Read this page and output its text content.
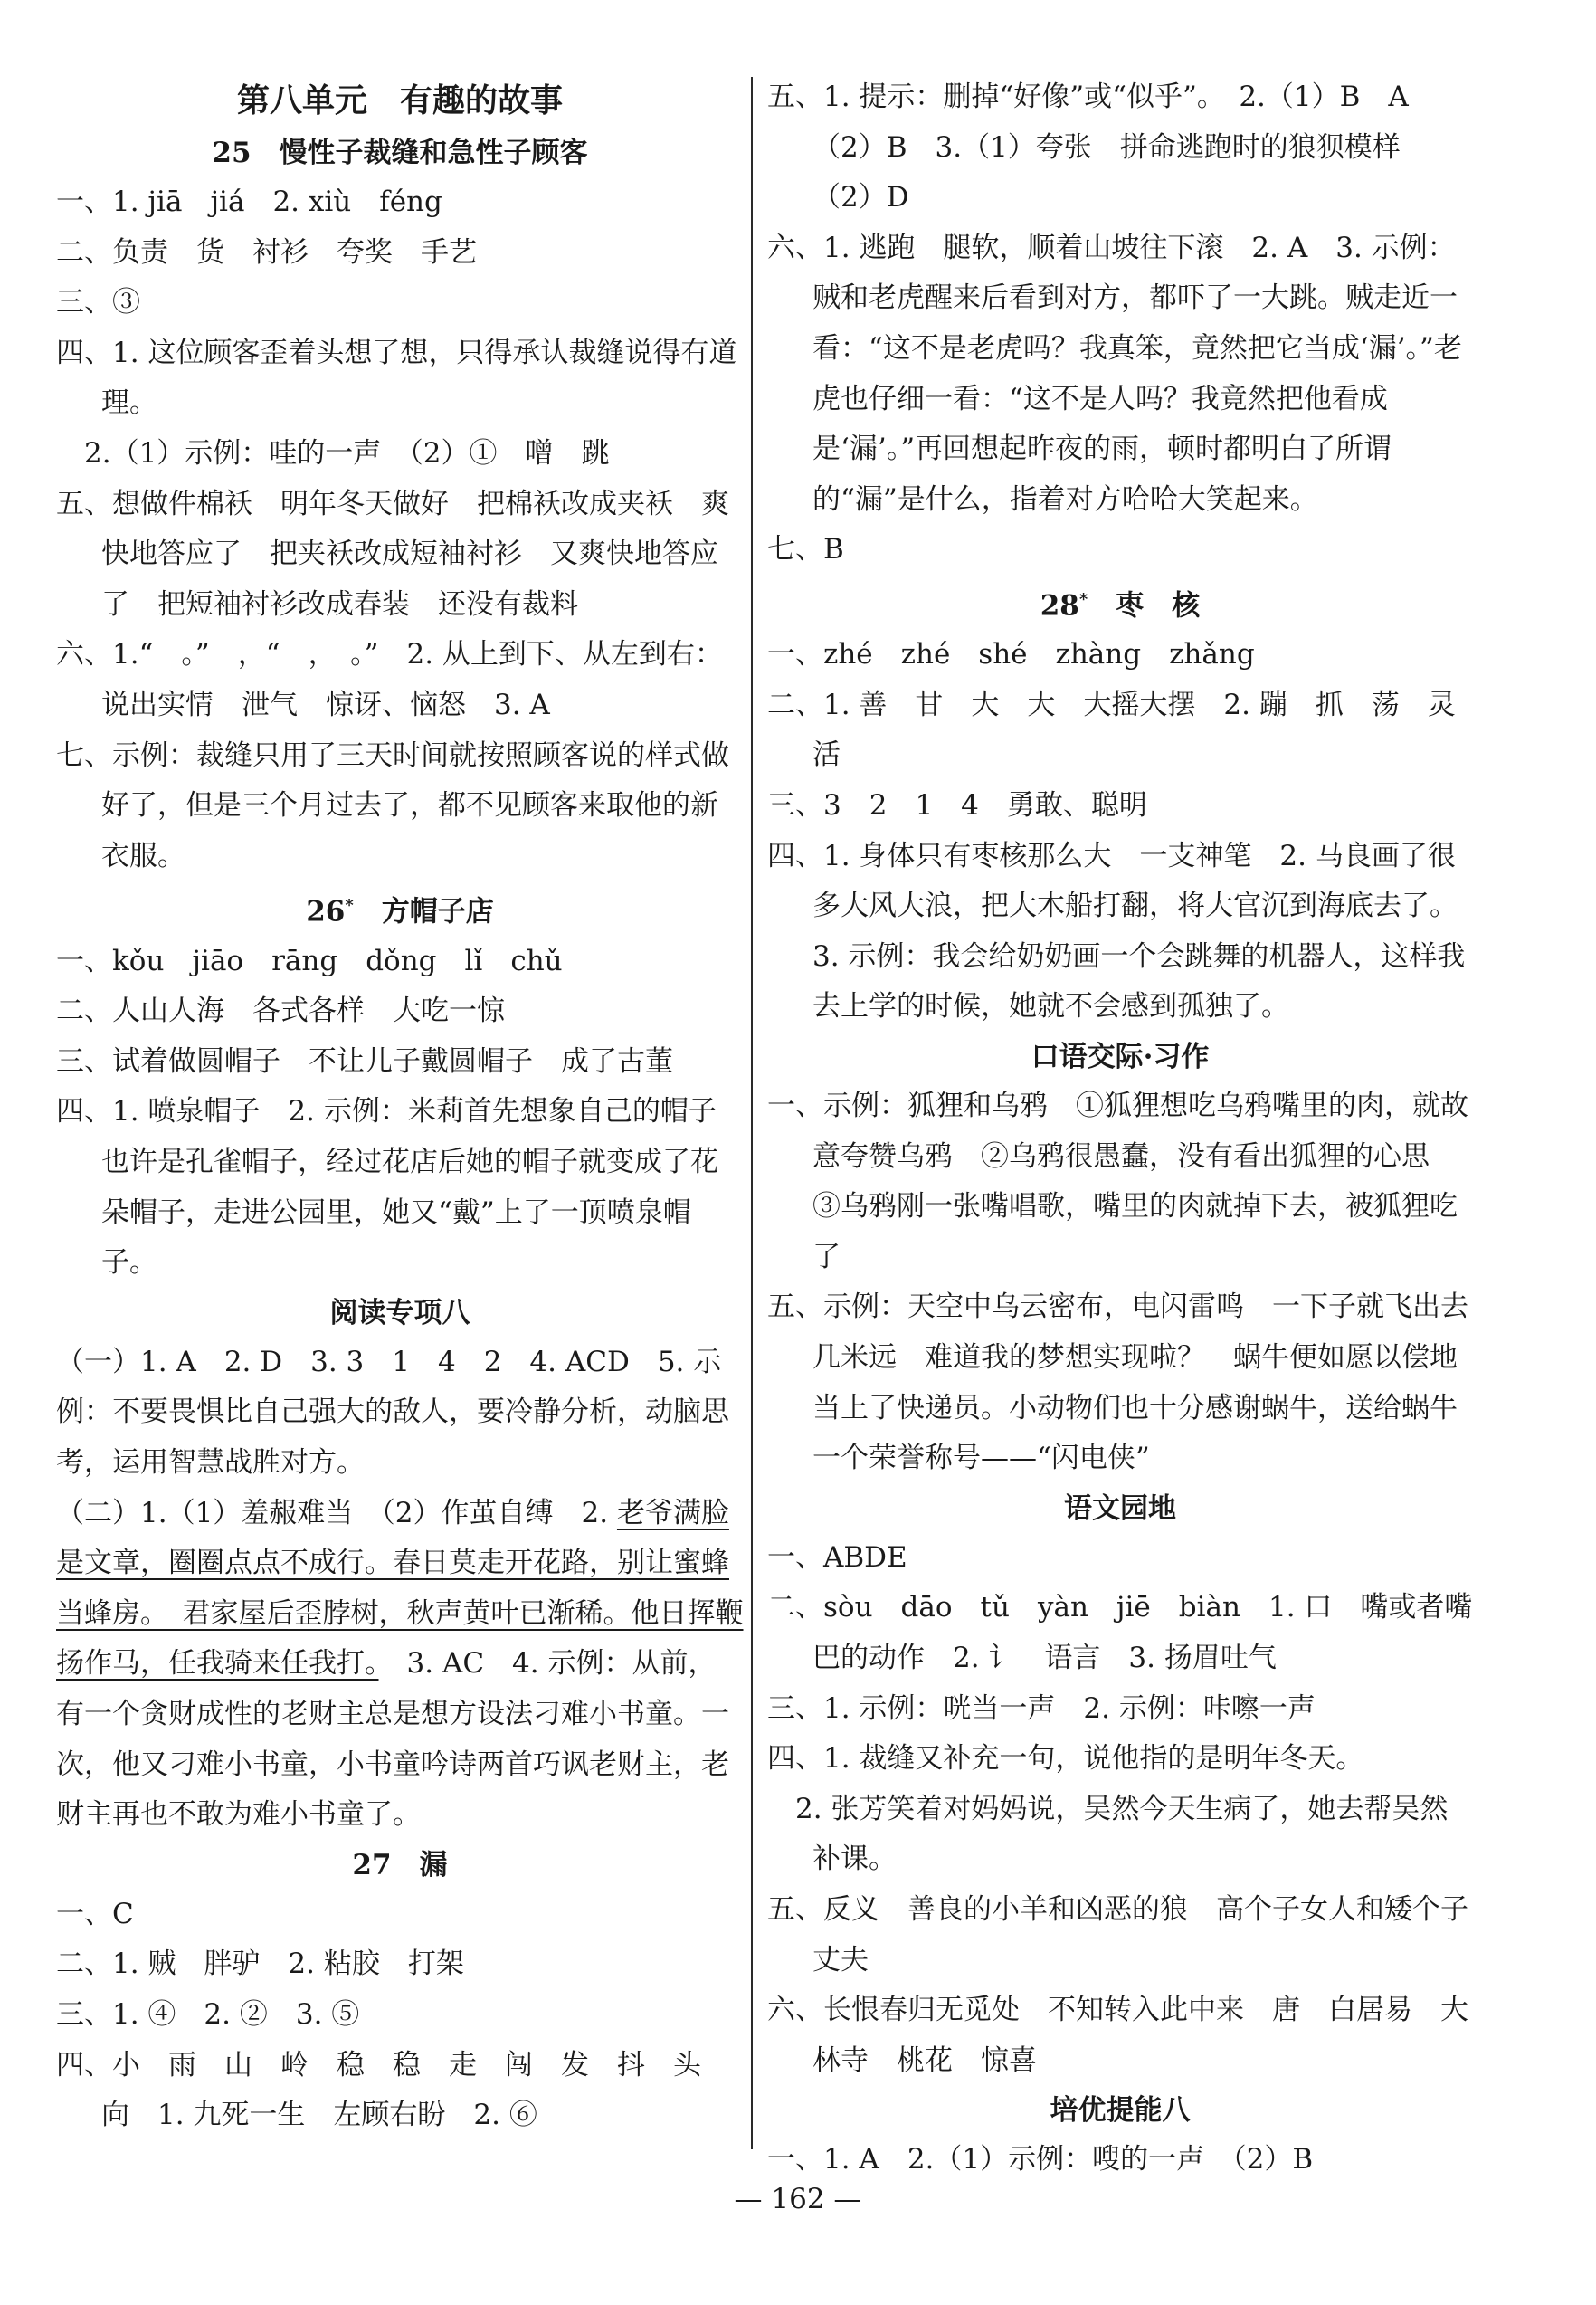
第八单元　有趣的故事
25　慢性子裁缝和急性子顾客
一、1. jiā　jiá　2. xiù　féng
二、负责　货　衬衫　夸奖　手艺
三、③
四、1. 这位顾客歪着头想了想，只得承认裁缝说得有道理。
　2.（1）示例：哇的一声　（2）①　噌　跳
五、想做件棉袄　明年冬天做好　把棉袄改成夹袄　爽快地答应了　把夹袄改成短袖衬衫　又爽快地答应了　把短袖衬衫改成春装　还没有裁料
六、1.“　。”　，“　，　。”　2. 从上到下、从左到右：说出实情　泄气　惊讶、恼怒　3. A
七、示例：裁缝只用了三天时间就按照顾客说的样式做好了，但是三个月过去了，都不见顾客来取他的新衣服。
26*　方帽子店
一、kǒu　jiāo　rāng　dǒng　lǐ　chǔ
二、人山人海　各式各样　大吃一惊
三、试着做圆帽子　不让儿子戴圆帽子　成了古董
四、1. 喷泉帽子　2. 示例：米莉首先想象自己的帽子也许是孔雀帽子，经过花店后她的帽子就变成了花朵帽子，走进公园里，她又“戴”上了一顶喷泉帽子。
阅读专项八
（一）1. A　2. D　3. 3　1　4　2　4. ACD　5. 示例：不要畏惧比自己强大的敌人，要冷静分析，动脑思考，运用智慧战胜对方。
（二）1.（1）羞赧难当　（2）作茧自缚　2. 老爷满脸是文章，圈圈点点不成行。春日莫走开花路，别让蜜蜂当蜂房。　君家屋后歪脖树，秋声黄叶已渐稀。他日挥鞭扬作马，任我骑来任我打。　3. AC　4. 示例：从前，有一个贪财成性的老财主总是想方设法刁难小书童。一次，他又刁难小书童，小书童吟诗两首巧讽老财主，老财主再也不敢为难小书童了。
27　漏
一、C
二、1. 贼　胖驴　2. 粘胶　打架
三、1. ④　2. ②　3. ⑤
四、小　雨　山　岭　稳　稳　走　闯　发　抖　头　向　1. 九死一生　左顾右盼　2. ⑥
五、1. 提示：删掉“好像”或“似乎”。　2.（1）B　A　（2）B　3.（1）夸张　拼命逃跑时的狼狈模样　（2）D
六、1. 逃跑　腿软，顺着山坡往下滚　2. A　3. 示例：贼和老虎醒来后看到对方，都吓了一大跳。贼走近一看：“这不是老虎吗？我真笨，竟然把它当成‘漏’。”老虎也仔细一看：“这不是人吗？我竟然把他看成是‘漏’。”再回想起昨夜的雨，顿时都明白了所谓的“漏”是什么，指着对方哈哈大笑起来。
七、B
28*　枣　核
一、zhé　zhé　shé　zhàng　zhǎng
二、1. 善　甘　大　大　大摇大摆　2. 蹦　抓　荡　灵活
三、3　2　1　4　勇敢、聪明
四、1. 身体只有枣核那么大　一支神笔　2. 马良画了很多大风大浪，把大木船打翻，将大官沉到海底去了。　3. 示例：我会给奶奶画一个会跳舞的机器人，这样我去上学的时候，她就不会感到孤独了。
口语交际·习作
一、示例：狐狸和乌鸦　①狐狸想吃乌鸦嘴里的肉，就故意夸赞乌鸦　②乌鸦很愚蠢，没有看出狐狸的心思　③乌鸦刚一张嘴唱歌，嘴里的肉就掉下去，被狐狸吃了
五、示例：天空中乌云密布，电闪雷鸣　一下子就飞出去几米远　难道我的梦想实现啦？　蜗牛便如愿以偿地当上了快递员。小动物们也十分感谢蜗牛，送给蜗牛一个荣誉称号——“闪电侠”
语文园地
一、ABDE
二、sòu　dāo　tǔ　yàn　jiē　biàn　1. 口　嘴或者嘴巴的动作　2. 讠　语言　3. 扬眉吐气
三、1. 示例：咣当一声　2. 示例：咔嚓一声
四、1. 裁缝又补充一句，说他指的是明年冬天。
　2. 张芳笑着对妈妈说，吴然今天生病了，她去帮吴然补课。
五、反义　善良的小羊和凶恶的狼　高个子女人和矮个子丈夫
六、长恨春归无觅处　不知转入此中来　唐　白居易　大林寺　桃花　惊喜
培优提能八
一、1. A　2.（1）示例：嗖的一声　（2）B
— 162 —
